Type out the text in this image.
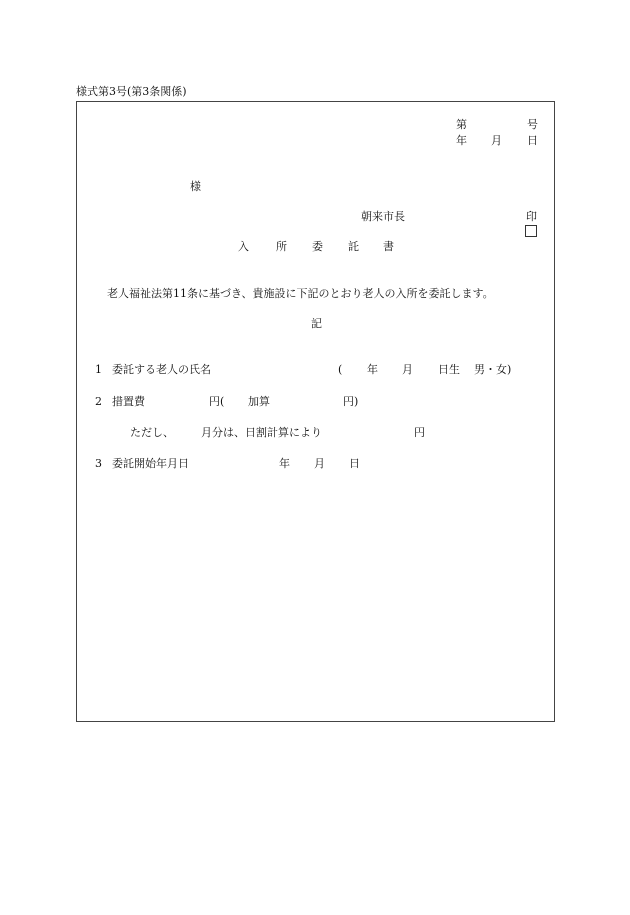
様式第3号(第3条関係)
第	号
年 月 日
様
朝来市長	印
入 所 委 託 書
老人福祉法第11条に基づき、貴施設に下記のとおり老人の入所を委託します。
記
1 委託する老人の氏名	( 年 月 日生 男・女)
2 措置費	円( 加算	円)
ただし、 月分は、日割計算により	円
3 委託開始年月日	年 月 日
